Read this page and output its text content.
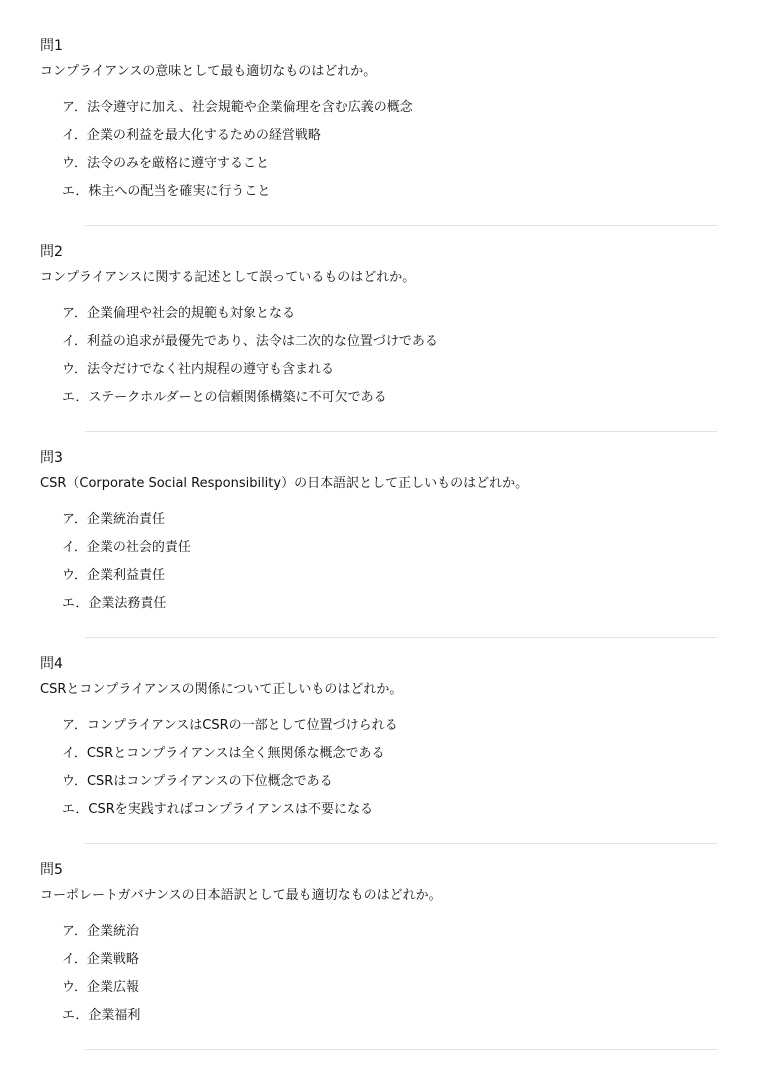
問1

コンプライアンスの意味として最も適切なものはどれか。

ア．法令遵守に加え、社会規範や企業倫理を含む広義の概念
イ．企業の利益を最大化するための経営戦略
ウ．法令のみを厳格に遵守すること
エ．株主への配当を確実に行うこと
問2

コンプライアンスに関する記述として誤っているものはどれか。

ア．企業倫理や社会的規範も対象となる
イ．利益の追求が最優先であり、法令は二次的な位置づけである
ウ．法令だけでなく社内規程の遵守も含まれる
エ．ステークホルダーとの信頼関係構築に不可欠である
問3

CSR（Corporate Social Responsibility）の日本語訳として正しいものはどれか。

ア．企業統治責任
イ．企業の社会的責任
ウ．企業利益責任
エ．企業法務責任
問4

CSRとコンプライアンスの関係について正しいものはどれか。

ア．コンプライアンスはCSRの一部として位置づけられる
イ．CSRとコンプライアンスは全く無関係な概念である
ウ．CSRはコンプライアンスの下位概念である
エ．CSRを実践すればコンプライアンスは不要になる
問5

コーポレートガバナンスの日本語訳として最も適切なものはどれか。

ア．企業統治
イ．企業戦略
ウ．企業広報
エ．企業福利
